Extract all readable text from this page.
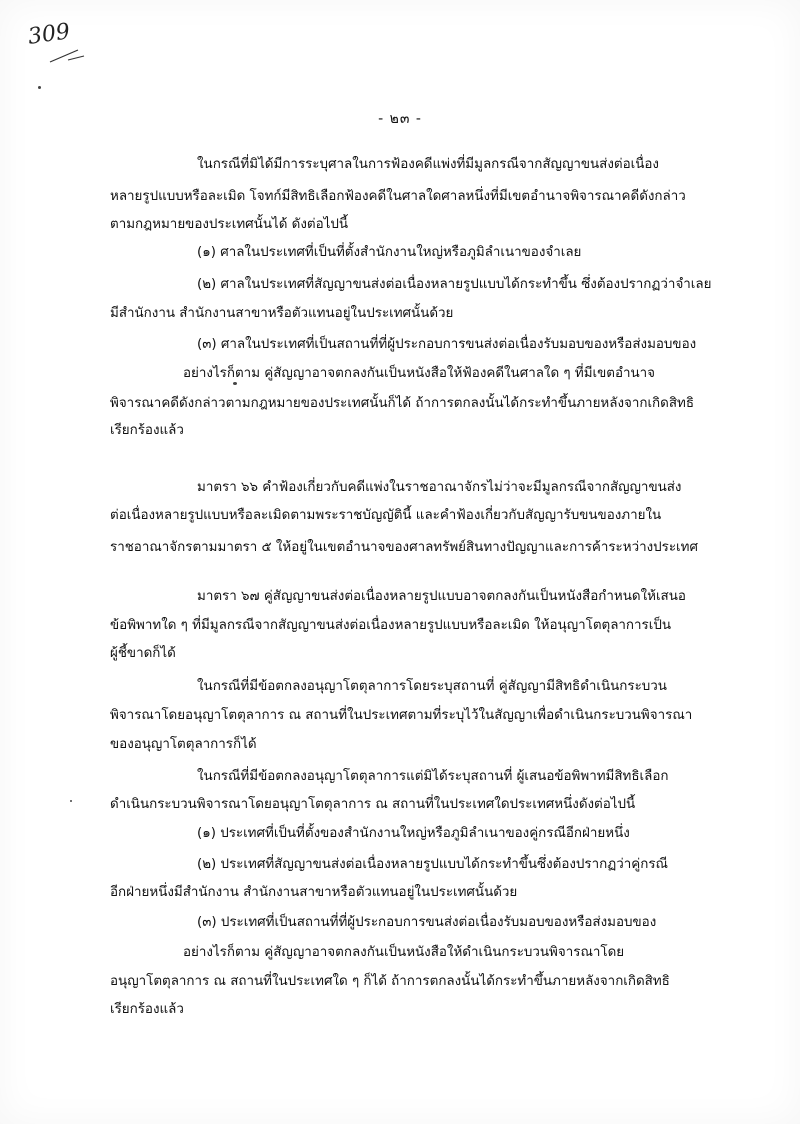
309
- ๒๓ -
ในกรณีที่มิได้มีการระบุศาลในการฟ้องคดีแพ่งที่มีมูลกรณีจากสัญญาขนส่งต่อเนื่อง
หลายรูปแบบหรือละเมิด โจทก์มีสิทธิเลือกฟ้องคดีในศาลใดศาลหนึ่งที่มีเขตอำนาจพิจารณาคดีดังกล่าว
ตามกฎหมายของประเทศนั้นได้ ดังต่อไปนี้
(๑) ศาลในประเทศที่เป็นที่ตั้งสำนักงานใหญ่หรือภูมิลำเนาของจำเลย
(๒) ศาลในประเทศที่สัญญาขนส่งต่อเนื่องหลายรูปแบบได้กระทำขึ้น ซึ่งต้องปรากฏว่าจำเลย
มีสำนักงาน สำนักงานสาขาหรือตัวแทนอยู่ในประเทศนั้นด้วย
(๓) ศาลในประเทศที่เป็นสถานที่ที่ผู้ประกอบการขนส่งต่อเนื่องรับมอบของหรือส่งมอบของ
อย่างไรก็ตาม คู่สัญญาอาจตกลงกันเป็นหนังสือให้ฟ้องคดีในศาลใด ๆ ที่มีเขตอำนาจ
พิจารณาคดีดังกล่าวตามกฎหมายของประเทศนั้นก็ได้ ถ้าการตกลงนั้นได้กระทำขึ้นภายหลังจากเกิดสิทธิ
เรียกร้องแล้ว
มาตรา ๖๖ คำฟ้องเกี่ยวกับคดีแพ่งในราชอาณาจักรไม่ว่าจะมีมูลกรณีจากสัญญาขนส่ง
ต่อเนื่องหลายรูปแบบหรือละเมิดตามพระราชบัญญัตินี้ และคำฟ้องเกี่ยวกับสัญญารับขนของภายใน
ราชอาณาจักรตามมาตรา ๕ ให้อยู่ในเขตอำนาจของศาลทรัพย์สินทางปัญญาและการค้าระหว่างประเทศ
มาตรา ๖๗ คู่สัญญาขนส่งต่อเนื่องหลายรูปแบบอาจตกลงกันเป็นหนังสือกำหนดให้เสนอ
ข้อพิพาทใด ๆ ที่มีมูลกรณีจากสัญญาขนส่งต่อเนื่องหลายรูปแบบหรือละเมิด ให้อนุญาโตตุลาการเป็น
ผู้ชี้ขาดก็ได้
ในกรณีที่มีข้อตกลงอนุญาโตตุลาการโดยระบุสถานที่ คู่สัญญามีสิทธิดำเนินกระบวน
พิจารณาโดยอนุญาโตตุลาการ ณ สถานที่ในประเทศตามที่ระบุไว้ในสัญญาเพื่อดำเนินกระบวนพิจารณา
ของอนุญาโตตุลาการก็ได้
ในกรณีที่มีข้อตกลงอนุญาโตตุลาการแต่มิได้ระบุสถานที่ ผู้เสนอข้อพิพาทมีสิทธิเลือก
ดำเนินกระบวนพิจารณาโดยอนุญาโตตุลาการ ณ สถานที่ในประเทศใดประเทศหนึ่งดังต่อไปนี้
(๑) ประเทศที่เป็นที่ตั้งของสำนักงานใหญ่หรือภูมิลำเนาของคู่กรณีอีกฝ่ายหนึ่ง
(๒) ประเทศที่สัญญาขนส่งต่อเนื่องหลายรูปแบบได้กระทำขึ้นซึ่งต้องปรากฏว่าคู่กรณี
อีกฝ่ายหนึ่งมีสำนักงาน สำนักงานสาขาหรือตัวแทนอยู่ในประเทศนั้นด้วย
(๓) ประเทศที่เป็นสถานที่ที่ผู้ประกอบการขนส่งต่อเนื่องรับมอบของหรือส่งมอบของ
อย่างไรก็ตาม คู่สัญญาอาจตกลงกันเป็นหนังสือให้ดำเนินกระบวนพิจารณาโดย
อนุญาโตตุลาการ ณ สถานที่ในประเทศใด ๆ ก็ได้ ถ้าการตกลงนั้นได้กระทำขึ้นภายหลังจากเกิดสิทธิ
เรียกร้องแล้ว
